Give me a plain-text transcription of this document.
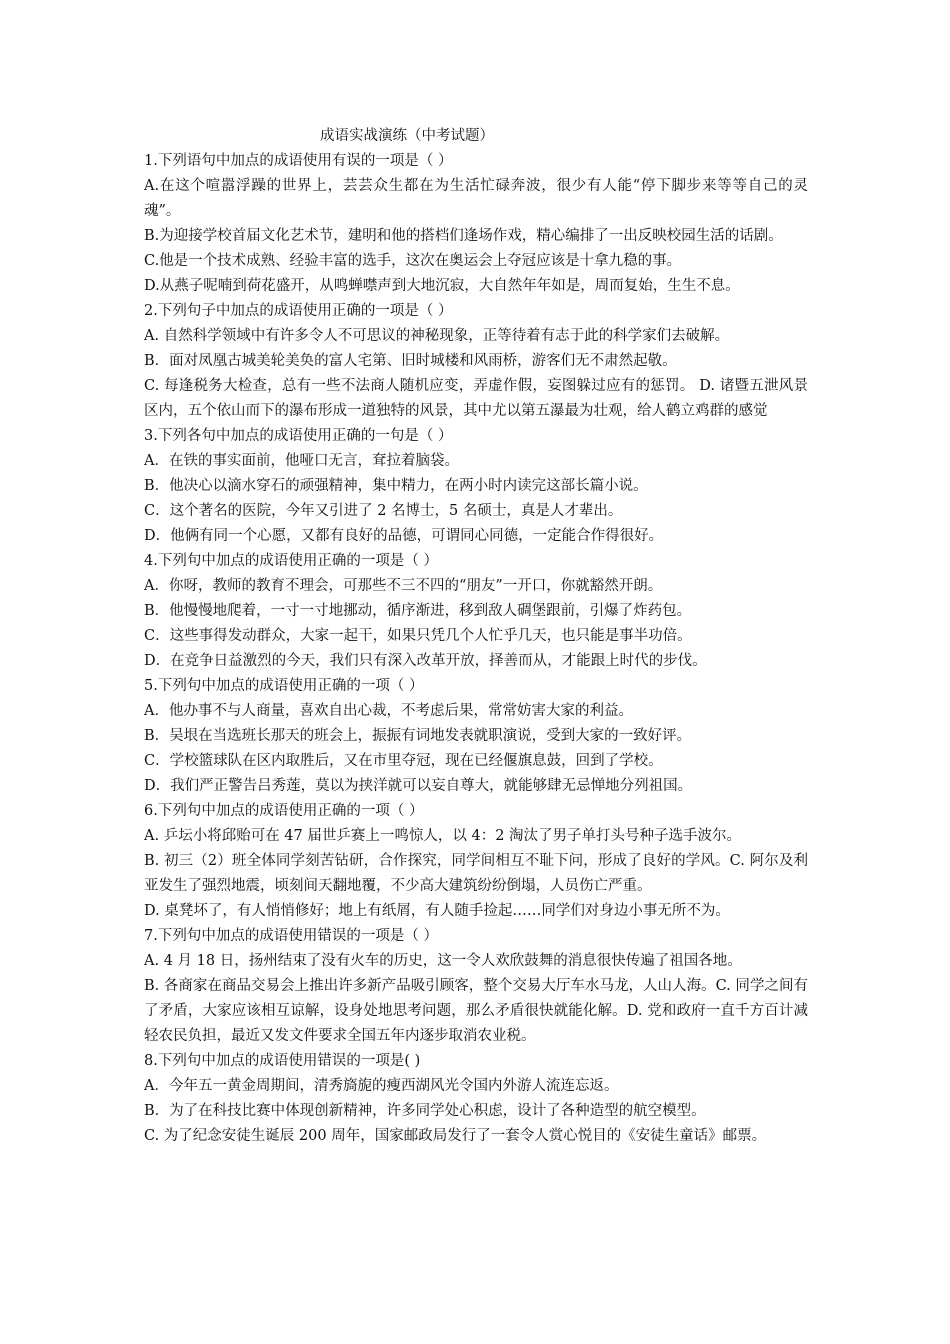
成语实战演练（中考试题）

1.下列语句中加点的成语使用有误的一项是（ ）

A.在这个喧嚣浮躁的世界上，芸芸众生都在为生活忙碌奔波，很少有人能“停下脚步来等等自己的灵魂”。

B.为迎接学校首届文化艺术节，建明和他的搭档们逢场作戏，精心编排了一出反映校园生活的话剧。

C.他是一个技术成熟、经验丰富的选手，这次在奥运会上夺冠应该是十拿九稳的事。

D.从燕子呢喃到荷花盛开，从鸣蝉噤声到大地沉寂，大自然年年如是，周而复始，生生不息。

2.下列句子中加点的成语使用正确的一项是（ ）

A. 自然科学领域中有许多令人不可思议的神秘现象，正等待着有志于此的科学家们去破解。

B．面对凤凰古城美轮美奂的富人宅第、旧时城楼和风雨桥，游客们无不肃然起敬。

C. 每逢税务大检查，总有一些不法商人随机应变，弄虚作假，妄图躲过应有的惩罚。 D. 诸暨五泄风景区内，五个依山而下的瀑布形成一道独特的风景，其中尤以第五瀑最为壮观，给人鹤立鸡群的感觉

3.下列各句中加点的成语使用正确的一句是（ ）

A．在铁的事实面前，他哑口无言，耷拉着脑袋。

B．他决心以滴水穿石的顽强精神，集中精力，在两小时内读完这部长篇小说。

C．这个著名的医院，今年又引进了 2 名博士，5 名硕士，真是人才辈出。

D．他俩有同一个心愿，又都有良好的品德，可谓同心同德，一定能合作得很好。

4.下列句中加点的成语使用正确的一项是（ ）

A．你呀，教师的教育不理会，可那些不三不四的“朋友”一开口，你就豁然开朗。

B．他慢慢地爬着，一寸一寸地挪动，循序渐进，移到敌人碉堡跟前，引爆了炸药包。

C．这些事得发动群众，大家一起干，如果只凭几个人忙乎几天，也只能是事半功倍。

D．在竞争日益激烈的今天，我们只有深入改革开放，择善而从，才能跟上时代的步伐。

5.下列句中加点的成语使用正确的一项（ ）

A．他办事不与人商量，喜欢自出心裁，不考虑后果，常常妨害大家的利益。

B．吴垠在当选班长那天的班会上，振振有词地发表就职演说，受到大家的一致好评。

C．学校篮球队在区内取胜后，又在市里夺冠，现在已经偃旗息鼓，回到了学校。

D．我们严正警告吕秀莲，莫以为挟洋就可以妄自尊大，就能够肆无忌惮地分列祖国。

6.下列句中加点的成语使用正确的一项（ ）

A. 乒坛小将邱贻可在 47 届世乒赛上一鸣惊人，以 4：2 淘汰了男子单打头号种子选手波尔。

B. 初三（2）班全体同学刻苦钻研，合作探究，同学间相互不耻下问，形成了良好的学风。C. 阿尔及利亚发生了强烈地震，顷刻间天翻地覆，不少高大建筑纷纷倒塌，人员伤亡严重。

D. 桌凳坏了，有人悄悄修好；地上有纸屑，有人随手捡起……同学们对身边小事无所不为。

7.下列句中加点的成语使用错误的一项是（ ）

A. 4 月 18 日，扬州结束了没有火车的历史，这一令人欢欣鼓舞的消息很快传遍了祖国各地。

B. 各商家在商品交易会上推出许多新产品吸引顾客，整个交易大厅车水马龙，人山人海。C. 同学之间有了矛盾，大家应该相互谅解，设身处地思考问题，那么矛盾很快就能化解。D. 党和政府一直千方百计减轻农民负担，最近又发文件要求全国五年内逐步取消农业税。

8.下列句中加点的成语使用错误的一项是( )

A．今年五一黄金周期间，清秀旖旎的瘦西湖风光令国内外游人流连忘返。

B．为了在科技比赛中体现创新精神，许多同学处心积虑，设计了各种造型的航空模型。

C. 为了纪念安徒生诞辰 200 周年，国家邮政局发行了一套令人赏心悦目的《安徒生童话》邮票。
